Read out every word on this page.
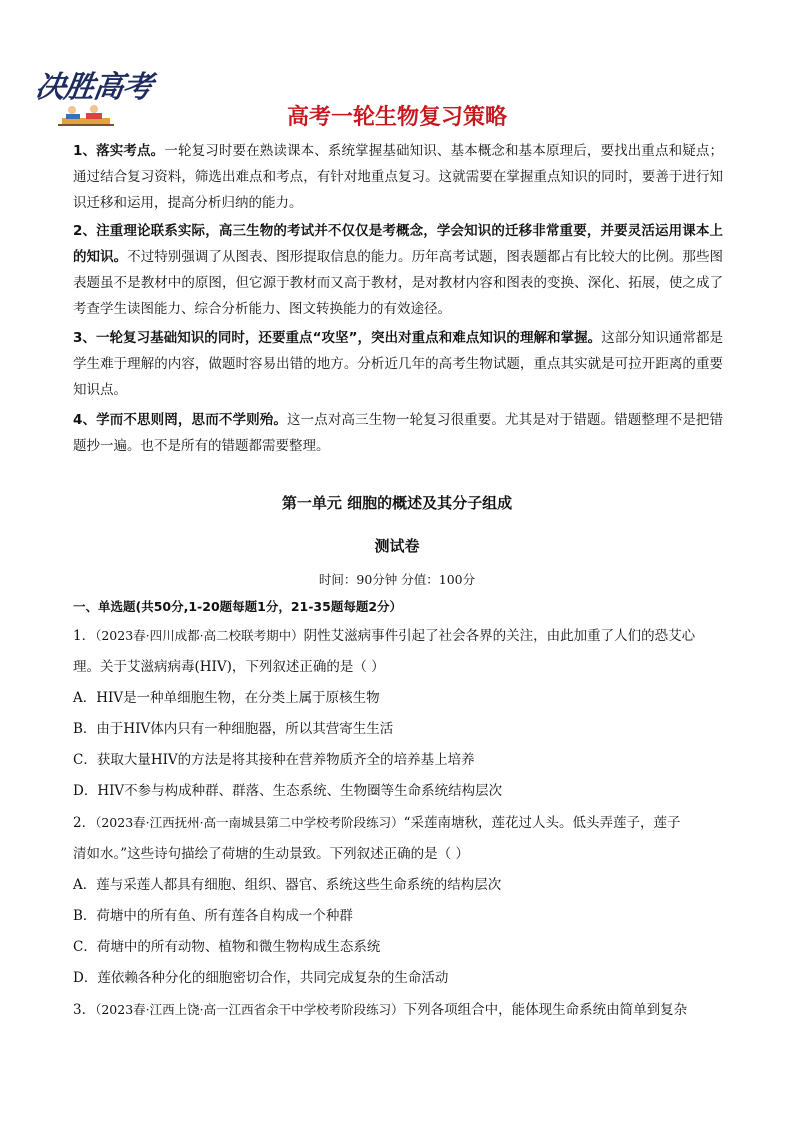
决胜高考
高考一轮生物复习策略

1、落实考点。一轮复习时要在熟读课本、系统掌握基础知识、基本概念和基本原理后，要找出重点和疑点；通过结合复习资料，筛选出难点和考点，有针对地重点复习。这就需要在掌握重点知识的同时，要善于进行知识迁移和运用，提高分析归纳的能力。

2、注重理论联系实际，高三生物的考试并不仅仅是考概念，学会知识的迁移非常重要，并要灵活运用课本上的知识。不过特别强调了从图表、图形提取信息的能力。历年高考试题，图表题都占有比较大的比例。那些图表题虽不是教材中的原图，但它源于教材而又高于教材，是对教材内容和图表的变换、深化、拓展，使之成了考查学生读图能力、综合分析能力、图文转换能力的有效途径。

3、一轮复习基础知识的同时，还要重点“攻坚”，突出对重点和难点知识的理解和掌握。这部分知识通常都是学生难于理解的内容，做题时容易出错的地方。分析近几年的高考生物试题，重点其实就是可拉开距离的重要知识点。

4、学而不思则罔，思而不学则殆。这一点对高三生物一轮复习很重要。尤其是对于错题。错题整理不是把错题抄一遍。也不是所有的错题都需要整理。

第一单元 细胞的概述及其分子组成
测试卷
时间：90分钟 分值：100分
一、单选题(共50分,1-20题每题1分，21-35题每题2分）
1．（2023春·四川成都·高二校联考期中）阴性艾滋病事件引起了社会各界的关注，由此加重了人们的恐艾心
理。关于艾滋病病毒(HIV)，下列叙述正确的是（ ）
A．HIV是一种单细胞生物，在分类上属于原核生物
B．由于HIV体内只有一种细胞器，所以其营寄生生活
C．获取大量HIV的方法是将其接种在营养物质齐全的培养基上培养
D．HIV不参与构成种群、群落、生态系统、生物圈等生命系统结构层次
2．（2023春·江西抚州·高一南城县第二中学校考阶段练习）“采莲南塘秋，莲花过人头。低头弄莲子，莲子
清如水。”这些诗句描绘了荷塘的生动景致。下列叙述正确的是（ ）
A．莲与采莲人都具有细胞、组织、器官、系统这些生命系统的结构层次
B．荷塘中的所有鱼、所有莲各自构成一个种群
C．荷塘中的所有动物、植物和微生物构成生态系统
D．莲依赖各种分化的细胞密切合作，共同完成复杂的生命活动
3．（2023春·江西上饶·高一江西省余干中学校考阶段练习）下列各项组合中，能体现生命系统由简单到复杂
